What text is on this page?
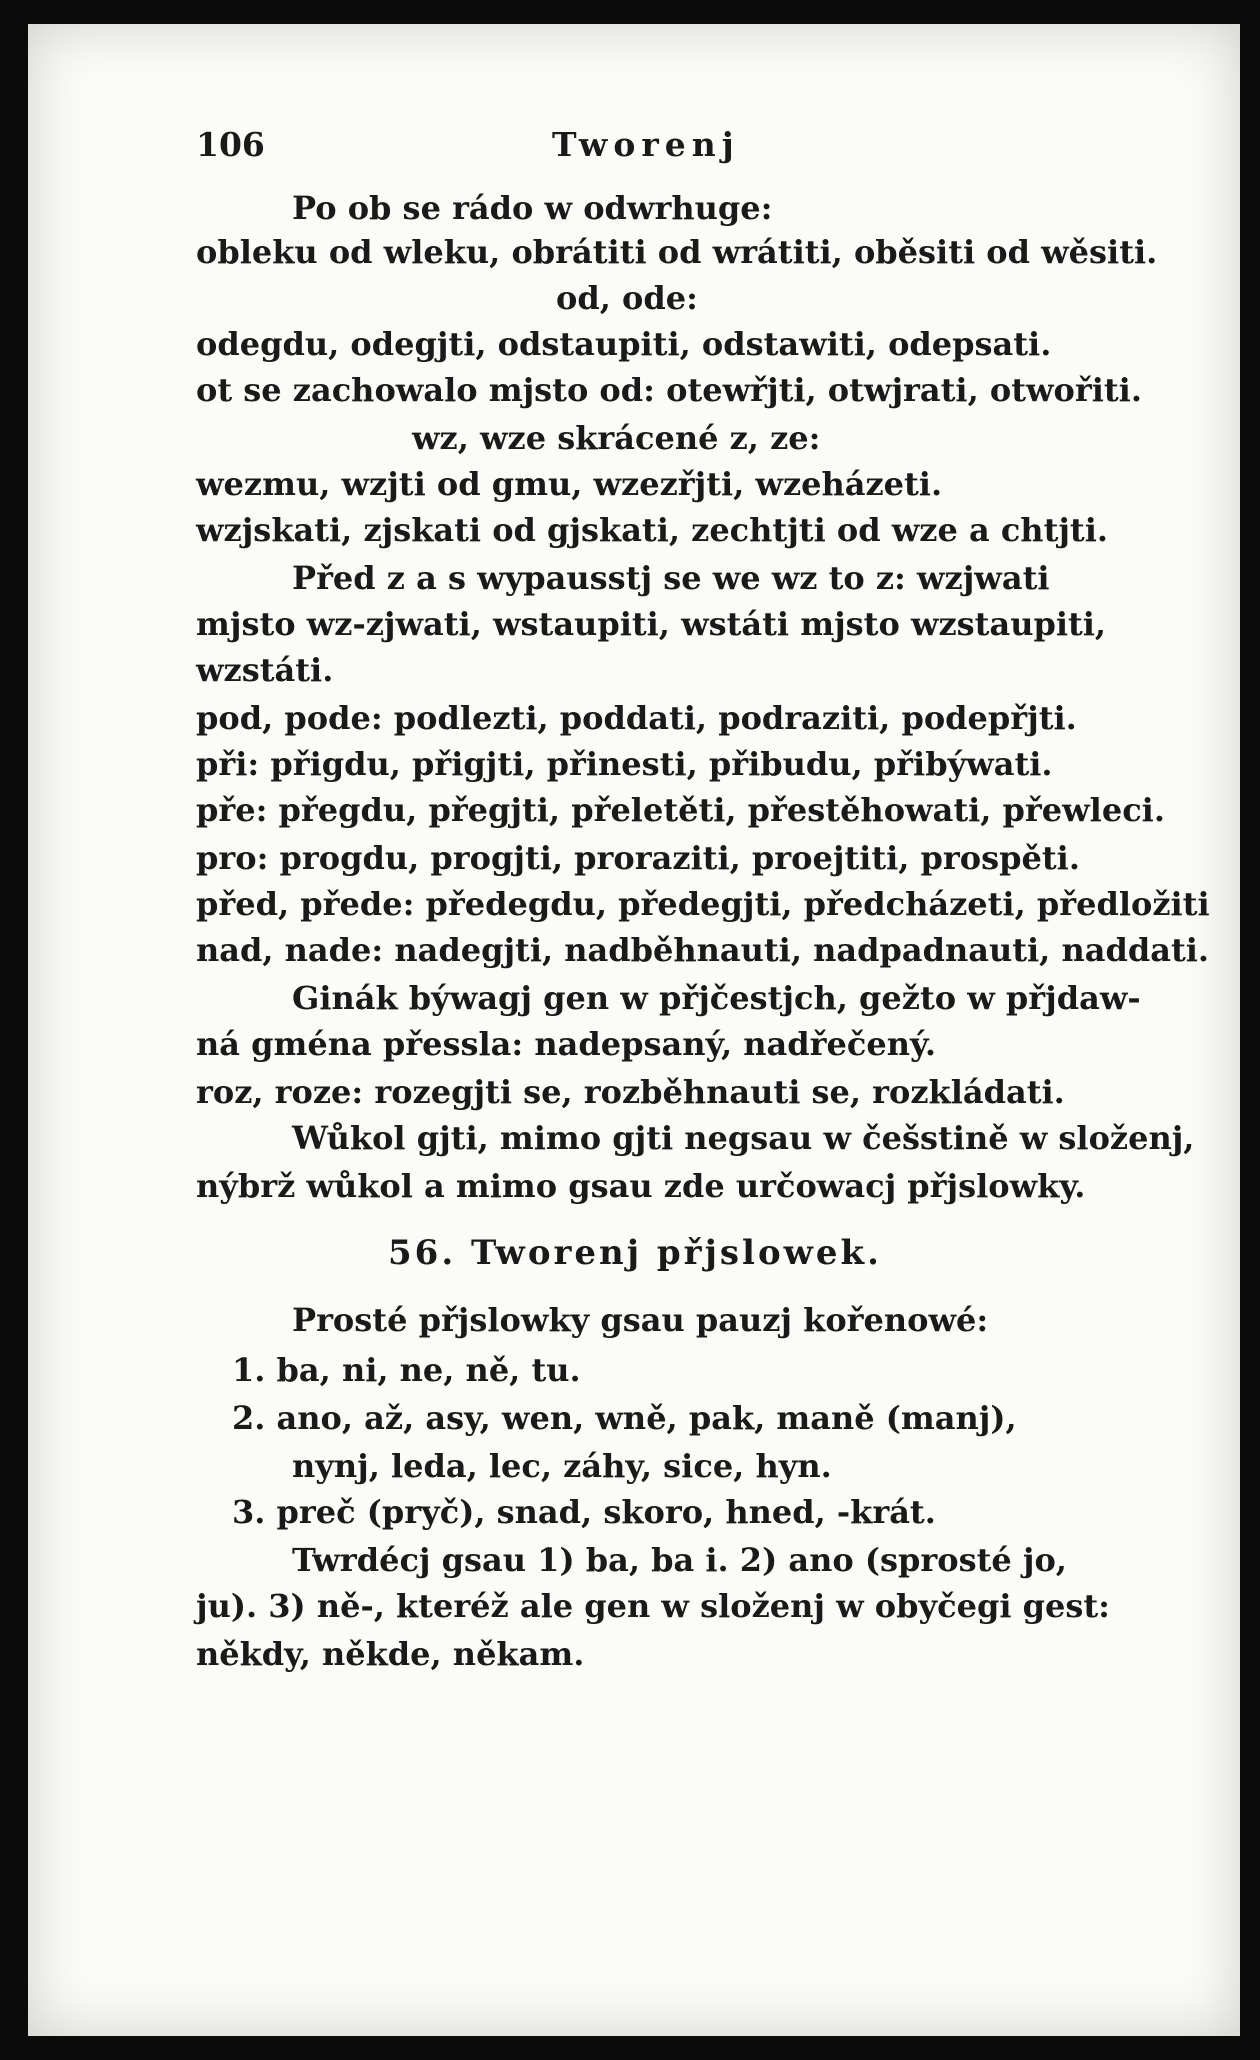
106	Tworenj
Po ob se rádo w odwrhuge:
obleku od wleku, obrátiti od wrátiti, oběsiti od wěsiti.
od, ode:
odegdu, odegjti, odstaupiti, odstawiti, odepsati.
ot se zachowalo mjsto od: otewřjti, otwjrati, otwořiti.
wz, wze skrácené z, ze:
wezmu, wzjti od gmu, wzezřjti, wzeházeti.
wzjskati, zjskati od gjskati, zechtjti od wze a chtjti.
Před z a s wypausstj se we wz to z: wzjwati
mjsto wz-zjwati, wstaupiti, wstáti mjsto wzstaupiti,
wzstáti.
pod, pode: podlezti, poddati, podraziti, podepřjti.
při: přigdu, přigjti, přinesti, přibudu, přibýwati.
pře: přegdu, přegjti, přeletěti, přestěhowati, přewleci.
pro: progdu, progjti, proraziti, proejtiti, prospěti.
před, přede: předegdu, předegjti, předcházeti, předložiti
nad, nade: nadegjti, nadběhnauti, nadpadnauti, naddati.
Ginák býwagj gen w přjčestjch, gežto w přjdaw-
ná gména přessla: nadepsaný, nadřečený.
roz, roze: rozegjti se, rozběhnauti se, rozkládati.
Wůkol gjti, mimo gjti negsau w češstině w složenj,
nýbrž wůkol a mimo gsau zde určowacj přjslowky.
56. Tworenj přjslowek.
Prosté přjslowky gsau pauzj kořenowé:
1. ba, ni, ne, ně, tu.
2. ano, až, asy, wen, wně, pak, maně (manj),
nynj, leda, lec, záhy, sice, hyn.
3. preč (pryč), snad, skoro, hned, -krát.
Twrdécj gsau 1) ba, ba i. 2) ano (sprosté jo,
ju). 3) ně-, kteréž ale gen w složenj w obyčegi gest:
někdy, někde, někam.
